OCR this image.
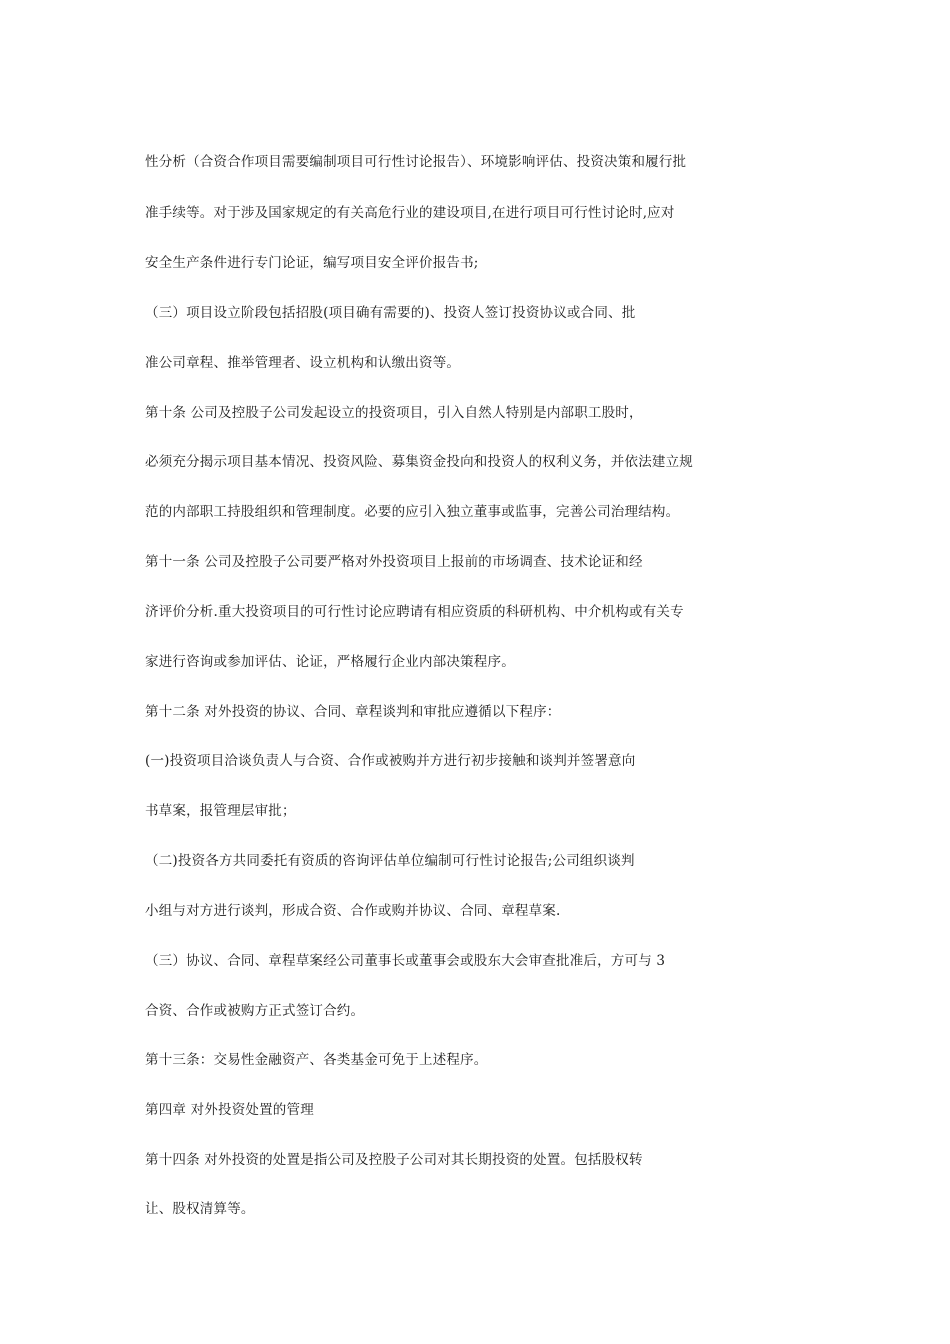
性分析（合资合作项目需要编制项目可行性讨论报告）、环境影响评估、投资决策和履行批
准手续等。对于涉及国家规定的有关高危行业的建设项目,在进行项目可行性讨论时,应对
安全生产条件进行专门论证，编写项目安全评价报告书;
（三）项目设立阶段包括招股(项目确有需要的)、投资人签订投资协议或合同、批
准公司章程、推举管理者、设立机构和认缴出资等。
第十条 公司及控股子公司发起设立的投资项目，引入自然人特别是内部职工股时，
必须充分揭示项目基本情况、投资风险、募集资金投向和投资人的权利义务，并依法建立规
范的内部职工持股组织和管理制度。必要的应引入独立董事或监事，完善公司治理结构。
第十一条 公司及控股子公司要严格对外投资项目上报前的市场调查、技术论证和经
济评价分析.重大投资项目的可行性讨论应聘请有相应资质的科研机构、中介机构或有关专
家进行咨询或参加评估、论证，严格履行企业内部决策程序。
第十二条 对外投资的协议、合同、章程谈判和审批应遵循以下程序：
(一)投资项目洽谈负责人与合资、合作或被购并方进行初步接触和谈判并签署意向
书草案，报管理层审批；
（二)投资各方共同委托有资质的咨询评估单位编制可行性讨论报告;公司组织谈判
小组与对方进行谈判，形成合资、合作或购并协议、合同、章程草案.
（三）协议、合同、章程草案经公司董事长或董事会或股东大会审查批准后，方可与 3
合资、合作或被购方正式签订合约。
第十三条：交易性金融资产、各类基金可免于上述程序。
第四章 对外投资处置的管理
第十四条 对外投资的处置是指公司及控股子公司对其长期投资的处置。包括股权转
让、股权清算等。
